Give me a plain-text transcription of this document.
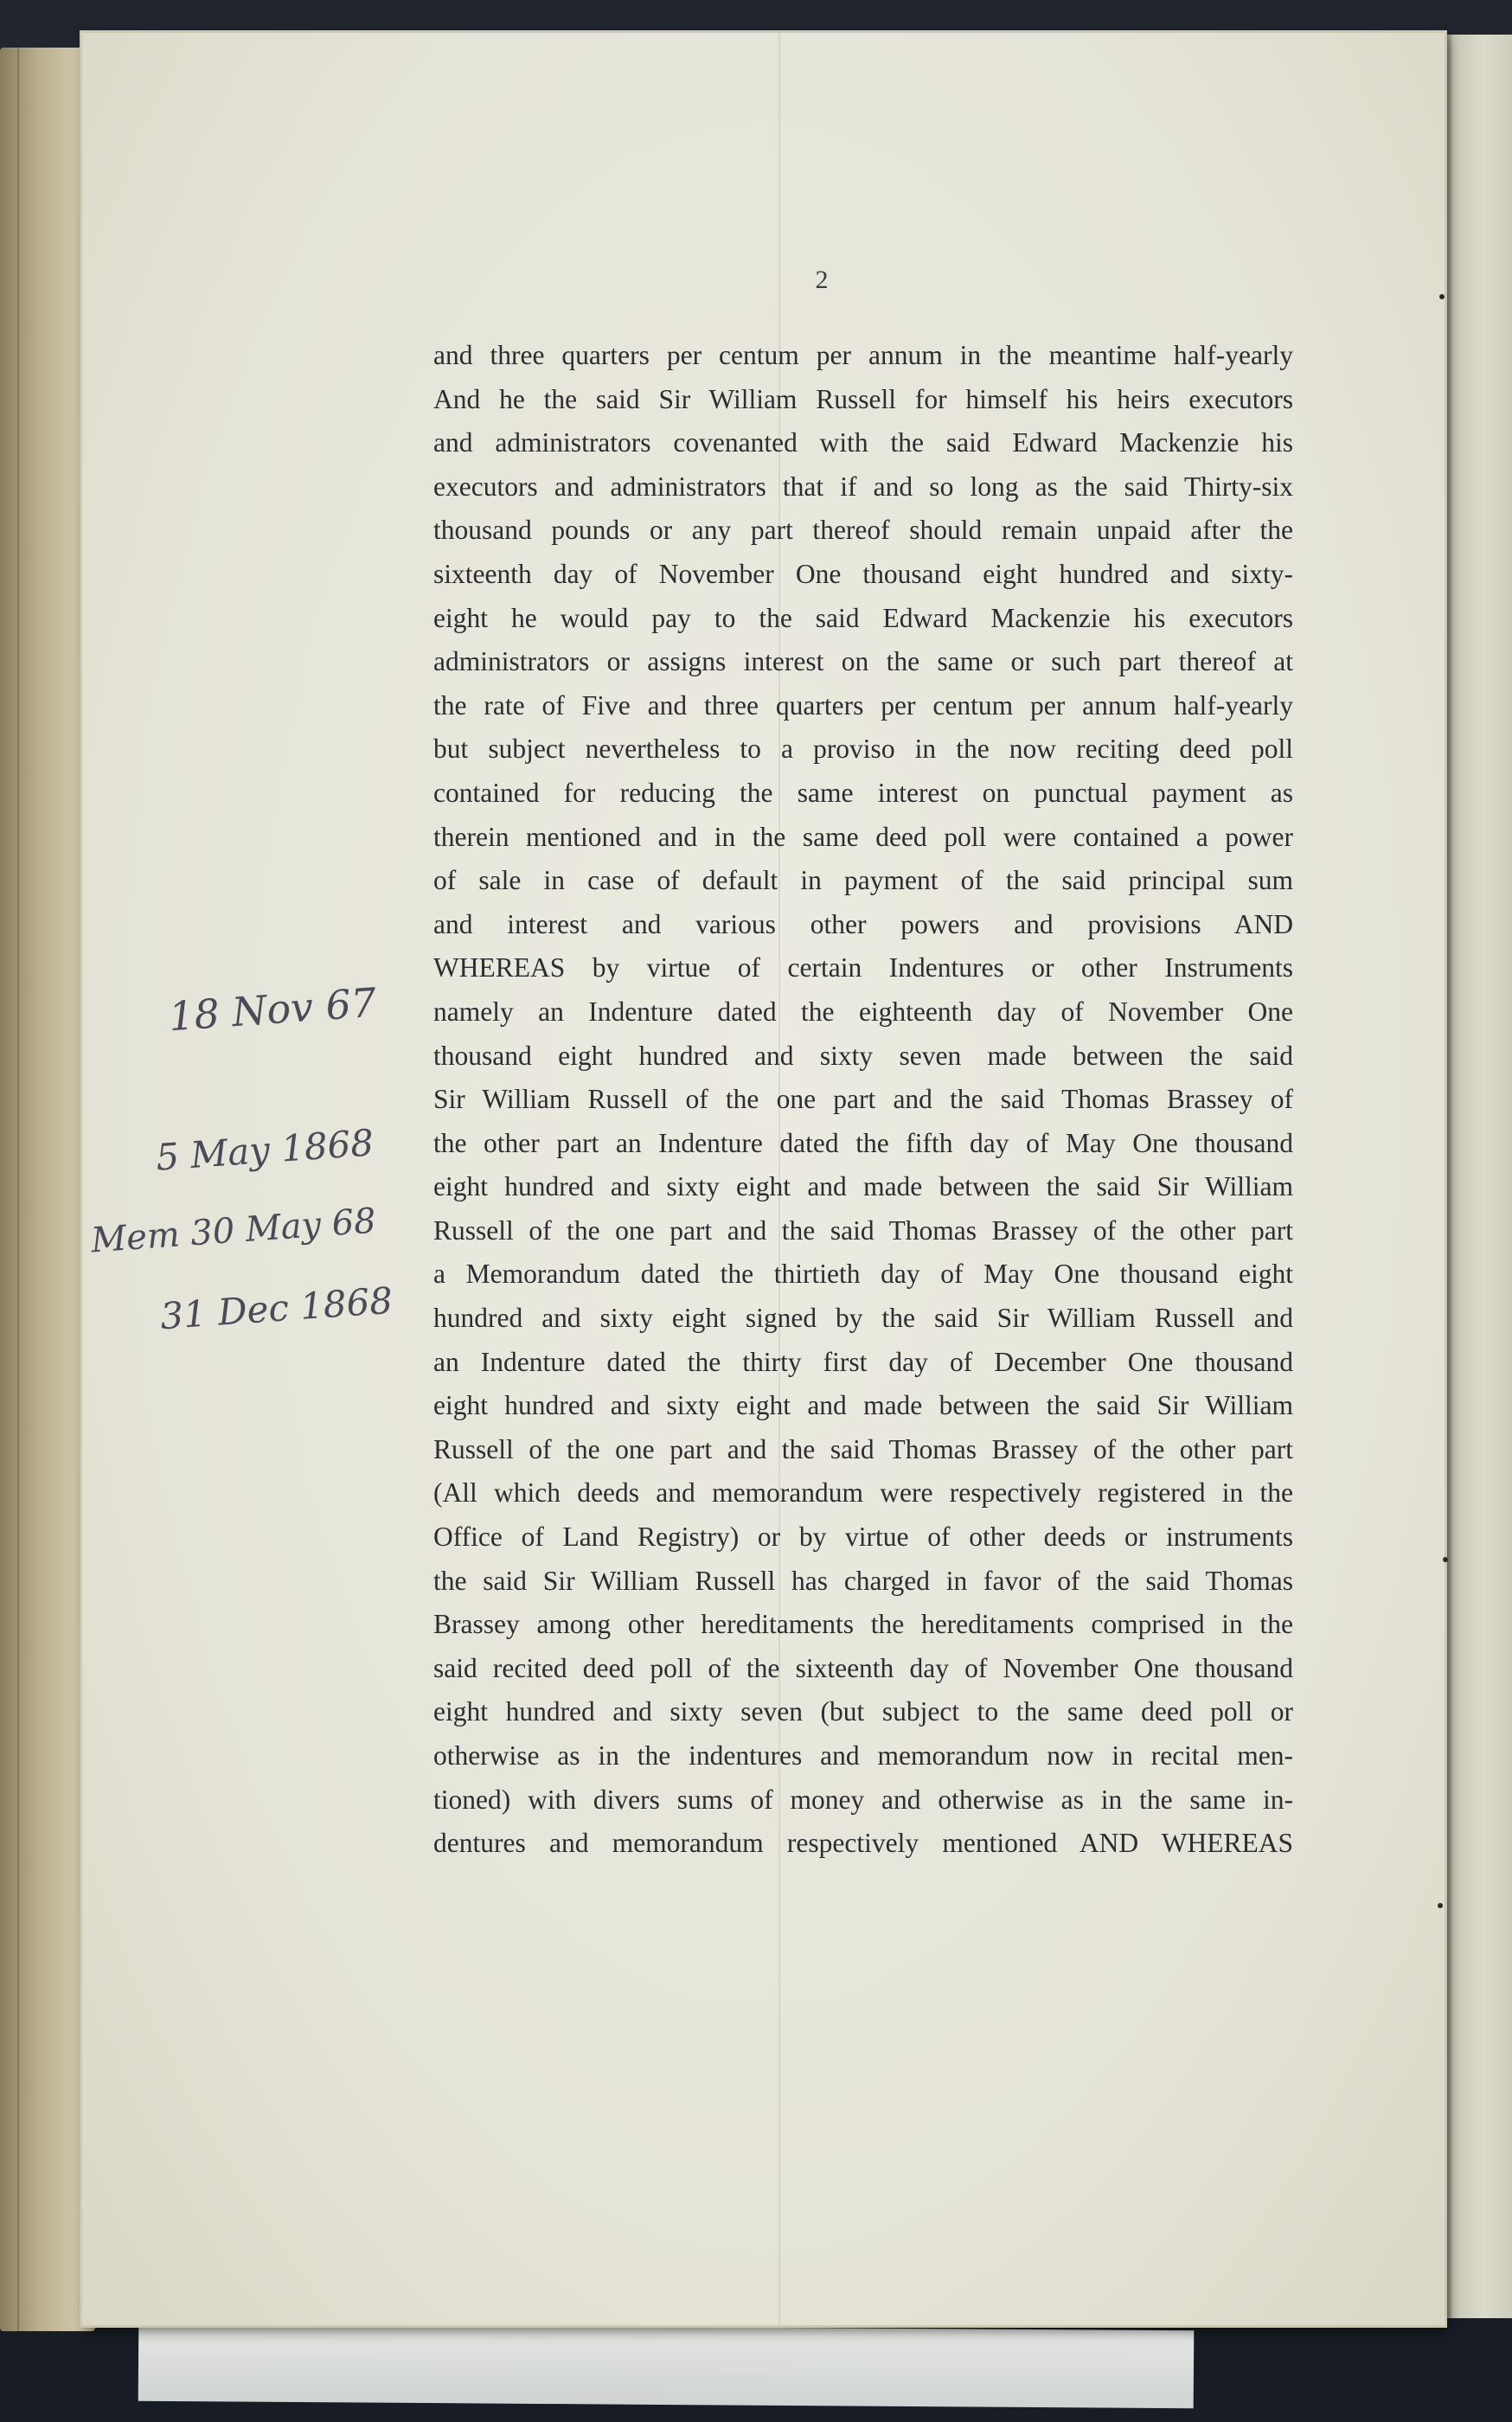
2
and three quarters per centum per annum in the meantime half-yearly
And he the said Sir William Russell for himself his heirs executors
and administrators covenanted with the said Edward Mackenzie his
executors and administrators that if and so long as the said Thirty-six
thousand pounds or any part thereof should remain unpaid after the
sixteenth day of November One thousand eight hundred and sixty-
eight he would pay to the said Edward Mackenzie his executors
administrators or assigns interest on the same or such part thereof at
the rate of Five and three quarters per centum per annum half-yearly
but subject nevertheless to a proviso in the now reciting deed poll
contained for reducing the same interest on punctual payment as
therein mentioned and in the same deed poll were contained a power
of sale in case of default in payment of the said principal sum
and interest and various other powers and provisions AND
WHEREAS by virtue of certain Indentures or other Instruments
namely an Indenture dated the eighteenth day of November One
thousand eight hundred and sixty seven made between the said
Sir William Russell of the one part and the said Thomas Brassey of
the other part an Indenture dated the fifth day of May One thousand
eight hundred and sixty eight and made between the said Sir William
Russell of the one part and the said Thomas Brassey of the other part
a Memorandum dated the thirtieth day of May One thousand eight
hundred and sixty eight signed by the said Sir William Russell and
an Indenture dated the thirty first day of December One thousand
eight hundred and sixty eight and made between the said Sir William
Russell of the one part and the said Thomas Brassey of the other part
(All which deeds and memorandum were respectively registered in the
Office of Land Registry) or by virtue of other deeds or instruments
the said Sir William Russell has charged in favor of the said Thomas
Brassey among other hereditaments the hereditaments comprised in the
said recited deed poll of the sixteenth day of November One thousand
eight hundred and sixty seven (but subject to the same deed poll or
otherwise as in the indentures and memorandum now in recital men-
tioned) with divers sums of money and otherwise as in the same in-
dentures and memorandum respectively mentioned AND WHEREAS
18 Nov 67
5 May 1868
Mem 30 May 68
31 Dec 1868
